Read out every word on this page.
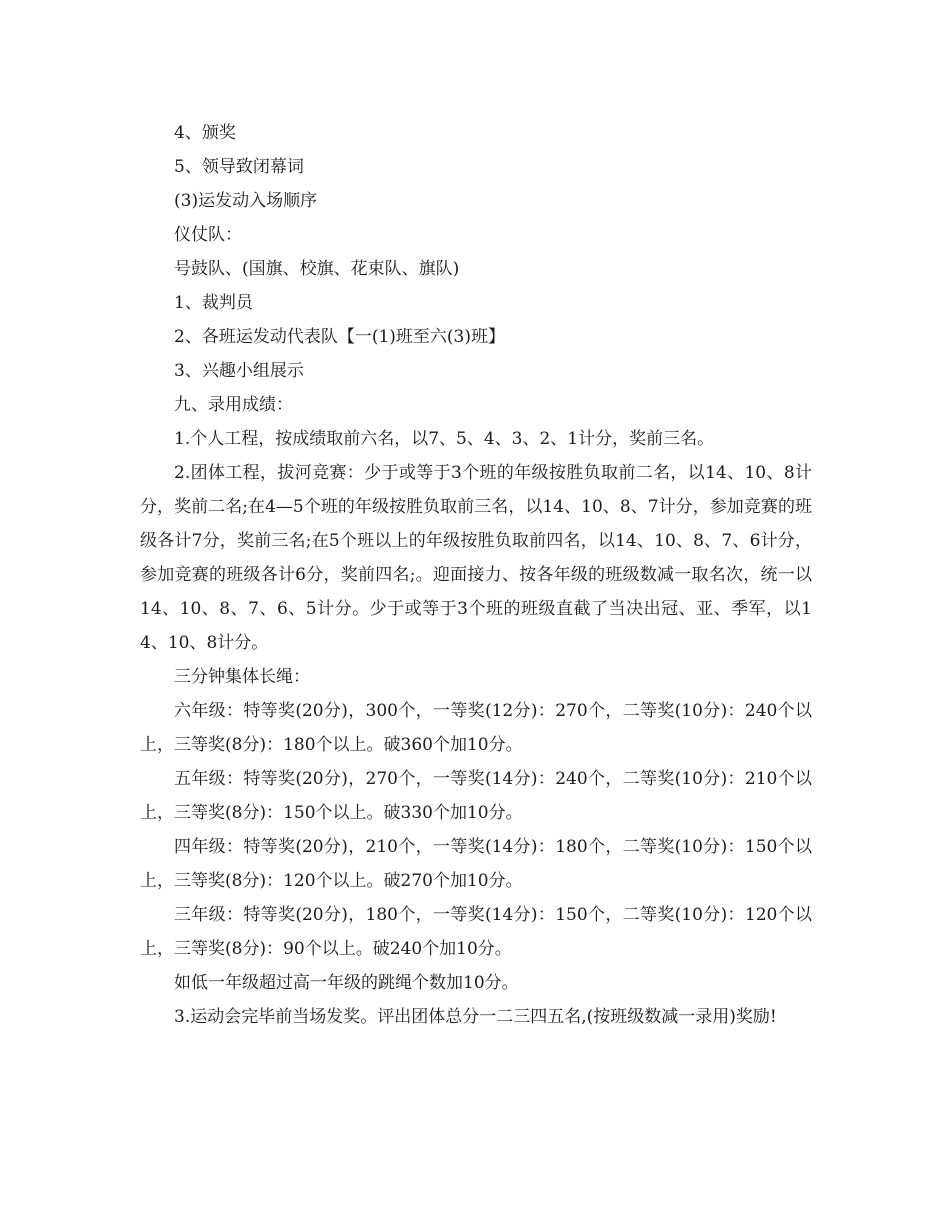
4、颁奖

5、领导致闭幕词

(3)运发动入场顺序

仪仗队：

号鼓队、(国旗、校旗、花束队、旗队)

1、裁判员

2、各班运发动代表队【一(1)班至六(3)班】

3、兴趣小组展示

九、录用成绩：

1.个人工程，按成绩取前六名，以7、5、4、3、2、1计分，奖前三名。

2.团体工程，拔河竞赛：少于或等于3个班的年级按胜负取前二名，以14、10、8计分，奖前二名;在4—5个班的年级按胜负取前三名，以14、10、8、7计分，参加竞赛的班级各计7分，奖前三名;在5个班以上的年级按胜负取前四名，以14、10、8、7、6计分，参加竞赛的班级各计6分，奖前四名;。迎面接力、按各年级的班级数减一取名次，统一以14、10、8、7、6、5计分。少于或等于3个班的班级直截了当决出冠、亚、季军，以14、10、8计分。

三分钟集体长绳：

六年级：特等奖(20分)，300个，一等奖(12分)：270个，二等奖(10分)：240个以上，三等奖(8分)：180个以上。破360个加10分。

五年级：特等奖(20分)，270个，一等奖(14分)：240个，二等奖(10分)：210个以上，三等奖(8分)：150个以上。破330个加10分。

四年级：特等奖(20分)，210个，一等奖(14分)：180个，二等奖(10分)：150个以上，三等奖(8分)：120个以上。破270个加10分。

三年级：特等奖(20分)，180个，一等奖(14分)：150个，二等奖(10分)：120个以上，三等奖(8分)：90个以上。破240个加10分。

如低一年级超过高一年级的跳绳个数加10分。

3.运动会完毕前当场发奖。评出团体总分一二三四五名,(按班级数减一录用)奖励!
